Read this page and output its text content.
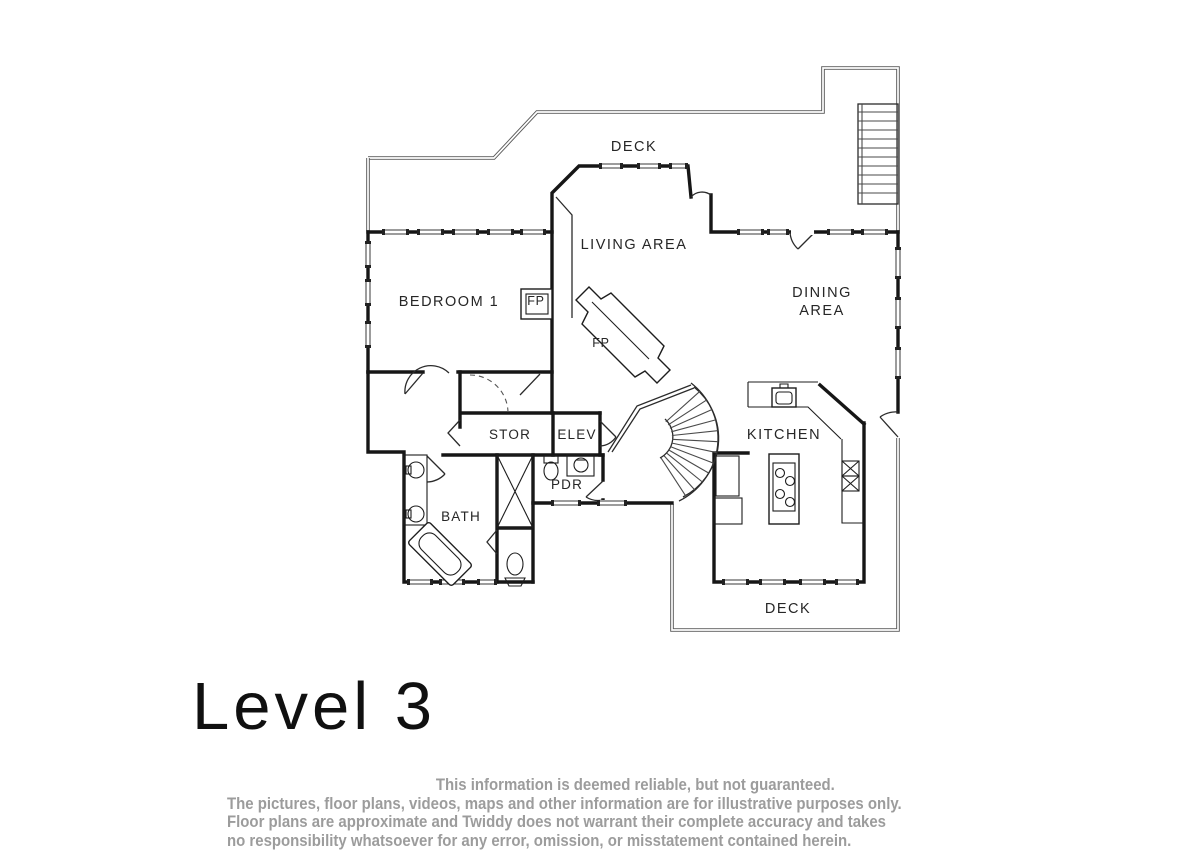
DECK
LIVING AREA
BEDROOM 1
DINING
AREA
FP
FP
STOR ELEV
PDR
BATH
KITCHEN
DECK
Level 3
This information is deemed reliable, but not guaranteed.
The pictures, floor plans, videos, maps and other information are for illustrative purposes only.
Floor plans are approximate and Twiddy does not warrant their complete accuracy and takes
no responsibility whatsoever for any error, omission, or misstatement contained herein.
